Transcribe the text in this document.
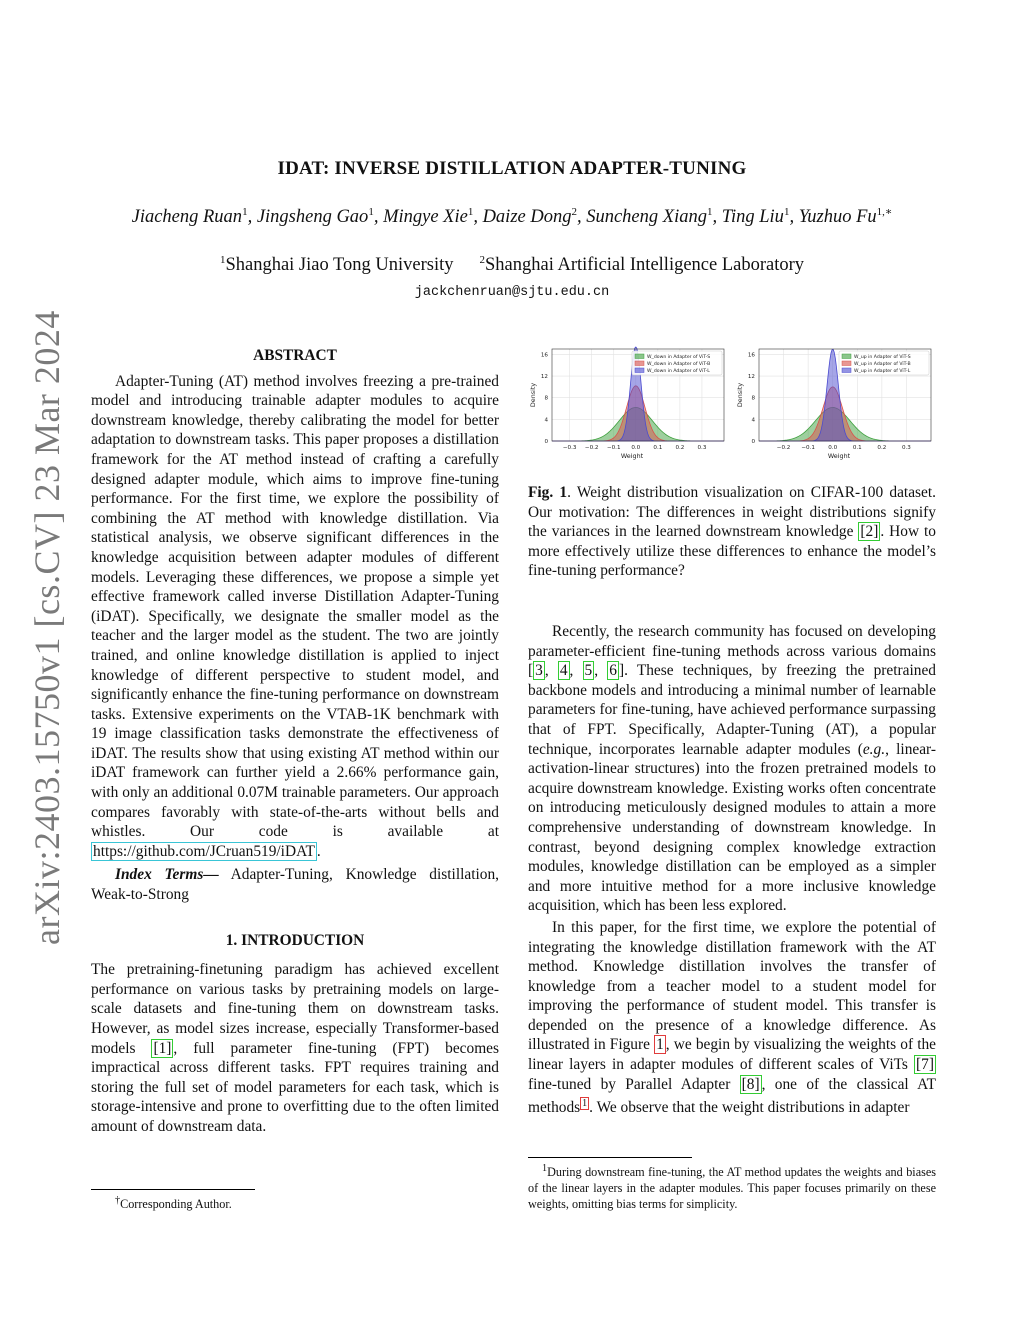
arXiv:2403.15750v1 [cs.CV] 23 Mar 2024
IDAT: INVERSE DISTILLATION ADAPTER-TUNING
Jiacheng Ruan$^1$, Jingsheng Gao$^1$, Mingye Xie$^1$, Daize Dong$^2$, Suncheng Xiang$^1$, Ting Liu$^1$, Yuzhuo $Fu^{1,∗}$
$^1$Shanghai Jiao Tong University $^2$Shanghai Artificial Intelligence Laboratory
jackchenruan@sjtu.edu.cn
ABSTRACT

Adapter-Tuning (AT) method involves freezing a pre-trained model and introducing trainable adapter modules to acquire downstream knowledge, thereby calibrating the model for better adaptation to downstream tasks. This paper proposes a distillation framework for the AT method instead of crafting a carefully designed adapter module, which aims to improve fine-tuning performance. For the first time, we explore the possibility of combining the AT method with knowledge distillation. Via statistical analysis, we observe significant differences in the knowledge acquisition between adapter modules of different models. Leveraging these differences, we propose a simple yet effective framework called inverse Distillation Adapter-Tuning (iDAT). Specifically, we designate the smaller model as the teacher and the larger model as the student. The two are jointly trained, and online knowledge distillation is applied to inject knowledge of different perspective to student model, and significantly enhance the fine-tuning performance on downstream tasks. Extensive experiments on the VTAB-1K benchmark with 19 image classification tasks demonstrate the effectiveness of iDAT. The results show that using existing AT method within our iDAT framework can further yield a 2.66% performance gain, with only an additional 0.07M trainable parameters. Our approach compares favorably with state-of-the-arts without bells and whistles. Our code is available at https://github.com/JCruan519/iDAT .

Index Terms— Adapter-Tuning, Knowledge distillation, Weak-to-Strong

1. INTRODUCTION

The pretraining-finetuning paradigm has achieved excellent performance on various tasks by pretraining models on large-scale datasets and fine-tuning them on downstream tasks. However, as model sizes increase, especially Transformer-based models [1] , full parameter fine-tuning (FPT) becomes impractical across different tasks. FPT requires training and storing the full set of model parameters for each task, which is storage-intensive and prone to overfitting due to the often limited amount of downstream data.

†Corresponding Author.
−0.3 −0.2 −0.1 0.0 0.1 0.2 0.3
0
4
8
12
16
Weight
Density
W_down in Adapter of ViT-S
W_down in Adapter of ViT-B
W_down in Adapter of ViT-L
−0.2 −0.1 0.0	0.1	0.2	0.3
0
4
8
12
16
Weight
Density
W_up in Adapter of ViT-S
W_up in Adapter of ViT-B
W_up in Adapter of ViT-L

Fig. 1. Weight distribution visualization on CIFAR-100 dataset. Our motivation: The differences in weight distributions signify the variances in the learned downstream knowledge [2] . How to more effectively utilize these differences to enhance the model’s fine-tuning performance?

Recently, the research community has focused on developing parameter-efficient fine-tuning methods across various domains [ 3 , 4 , 5 , 6 ]. These techniques, by freezing the pretrained backbone models and introducing a minimal number of learnable parameters for fine-tuning, have achieved performance surpassing that of FPT. Specifically, Adapter-Tuning (AT), a popular technique, incorporates learnable adapter modules (e.g., linear-activation-linear structures) into the frozen pretrained models to acquire downstream knowledge. Existing works often concentrate on introducing meticulously designed modules to attain a more comprehensive understanding of downstream knowledge. In contrast, beyond designing complex knowledge extraction modules, knowledge distillation can be employed as a simpler and more intuitive method for a more inclusive knowledge acquisition, which has been less explored.

In this paper, for the first time, we explore the potential of integrating the knowledge distillation framework with the AT method. Knowledge distillation involves the transfer of knowledge from a teacher model to a student model for improving the performance of student model. This transfer is depended on the presence of a knowledge difference. As illustrated in Figure 1 , we begin by visualizing the weights of the linear layers in adapter modules of different scales of ViTs [7] fine-tuned by Parallel Adapter [8] , one of the classical AT methods $^1$ . We observe that the weight distributions in adapter

$^1$During downstream fine-tuning, the AT method updates the weights and biases of the linear layers in the adapter modules. This paper focuses primarily on these weights, omitting bias terms for simplicity.
